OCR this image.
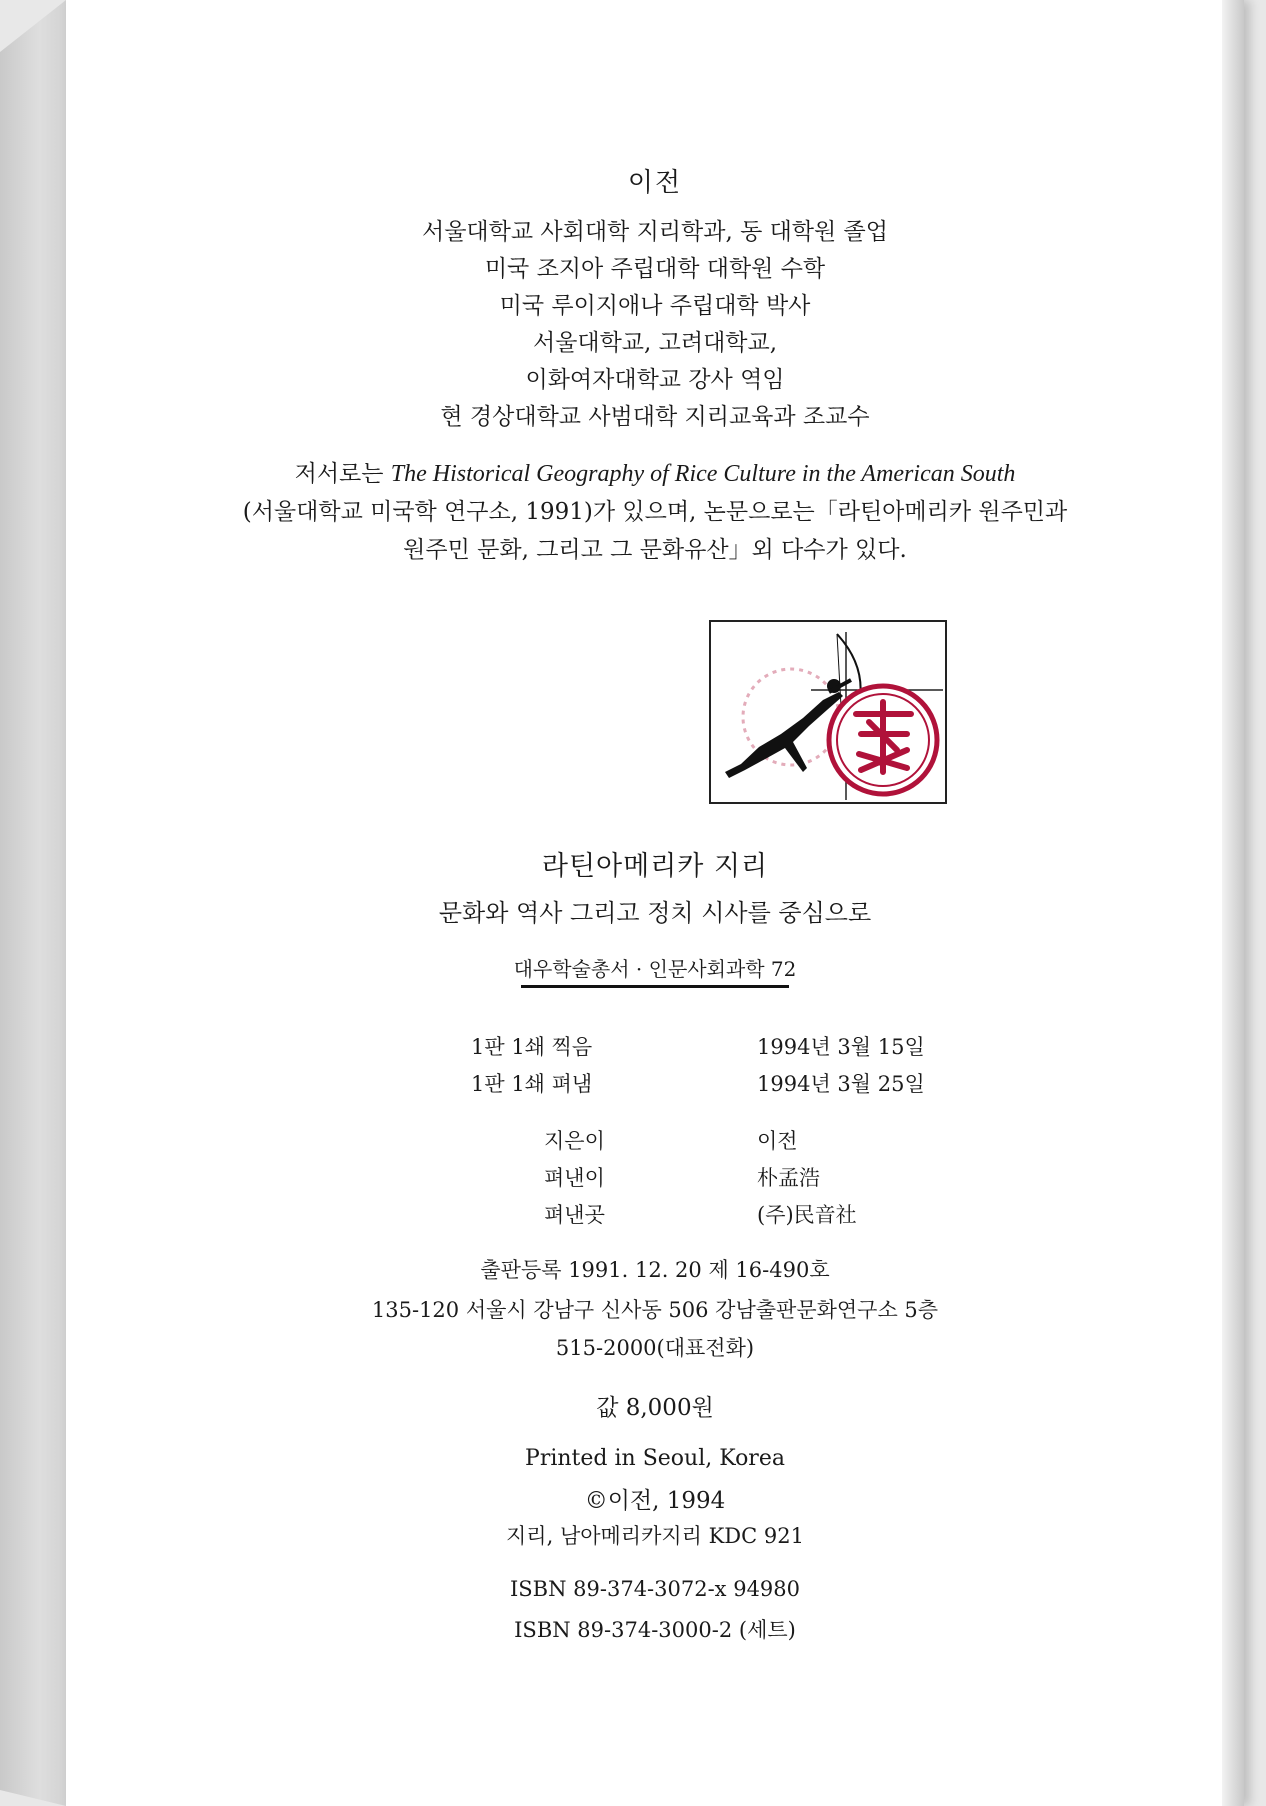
이전
서울대학교 사회대학 지리학과, 동 대학원 졸업
미국 조지아 주립대학 대학원 수학
미국 루이지애나 주립대학 박사
서울대학교, 고려대학교,
이화여자대학교 강사 역임
현 경상대학교 사범대학 지리교육과 조교수
저서로는 The Historical Geography of Rice Culture in the American South
(서울대학교 미국학 연구소, 1991)가 있으며, 논문으로는「라틴아메리카 원주민과
원주민 문화, 그리고 그 문화유산」외 다수가 있다.
라틴아메리카 지리
문화와 역사 그리고 정치 시사를 중심으로
대우학술총서 · 인문사회과학 72
1판 1쇄 찍음	1994년 3월 15일
1판 1쇄 펴냄	1994년 3월 25일
지은이	이전
펴낸이	朴孟浩
펴낸곳	(주)民音社
출판등록 1991. 12. 20 제 16-490호
135-120 서울시 강남구 신사동 506 강남출판문화연구소 5층
515-2000(대표전화)
값 8,000원
Printed in Seoul, Korea
©이전, 1994
지리, 남아메리카지리 KDC 921
ISBN 89-374-3072-x 94980
ISBN 89-374-3000-2 (세트)
